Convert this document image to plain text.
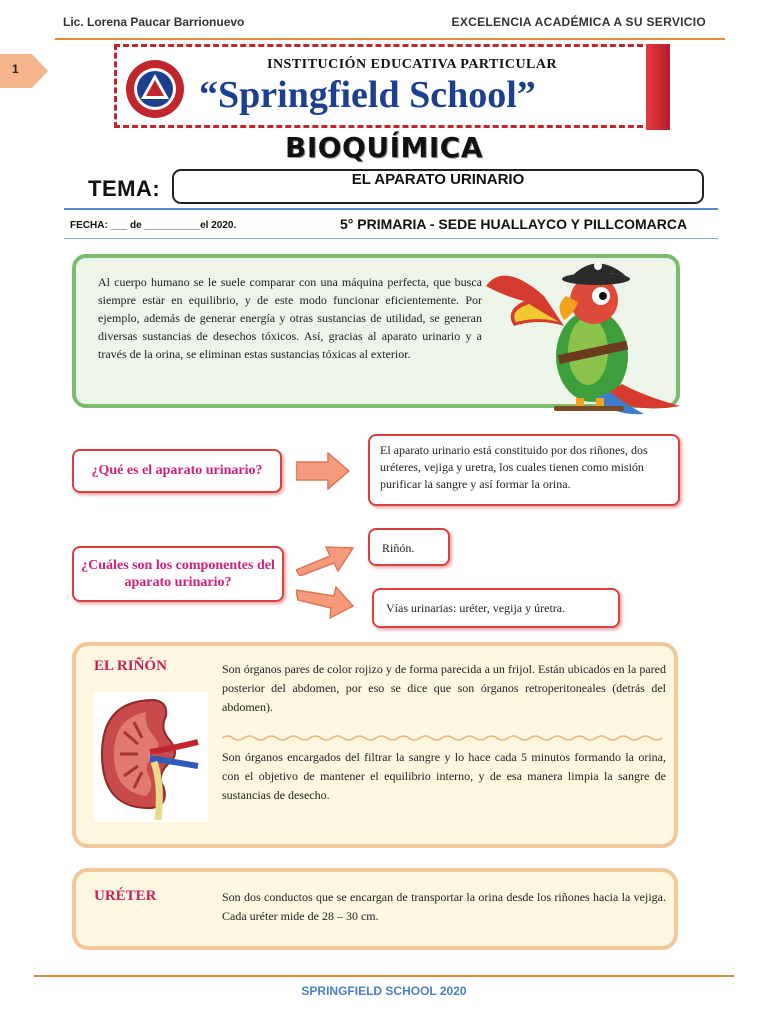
Lic. Lorena Paucar Barrionuevo	EXCELENCIA ACADÉMICA A SU SERVICIO
1	INSTITUCIÓN EDUCATIVA PARTICULAR
“Springfield School”
BIOQUÍMICA
TEMA:	EL APARATO URINARIO
FECHA: ___ de __________el 2020.	5° PRIMARIA - SEDE HUALLAYCO Y PILLCOMARCA
Al cuerpo humano se le suele comparar con una máquina perfecta, que busca siempre estar en equilibrio, y de este modo funcionar eficientemente. Por ejemplo, además de generar energía y otras sustancias de utilidad, se generan diversas sustancias de desechos tóxicos. Así, gracias al aparato urinario y a través de la orina, se eliminan estas sustancias tóxicas al exterior.
¿Qué es el aparato urinario?
El aparato urinario está constituido por dos riñones, dos uréteres, vejiga y uretra, los cuales tienen como misión purificar la sangre y así formar la orina.
¿Cuáles son los componentes del aparato urinario?
Riñón.
Vías urinarias: uréter, vegija y úretra.
EL RIÑÓN	Son órganos pares de color rojizo y de forma parecida a un frijol. Están ubicados en la pared posterior del abdomen, por eso se dice que son órganos retroperitoneales (detrás del abdomen).
Son órganos encargados del filtrar la sangre y lo hace cada 5 minutos formando la orina, con el objetivo de mantener el equilibrio interno, y de esa manera limpia la sangre de sustancias de desecho.
URÉTER	Son dos conductos que se encargan de transportar la orina desde los riñones hacia la vejiga. Cada uréter mide de 28 – 30 cm.
SPRINGFIELD SCHOOL 2020
